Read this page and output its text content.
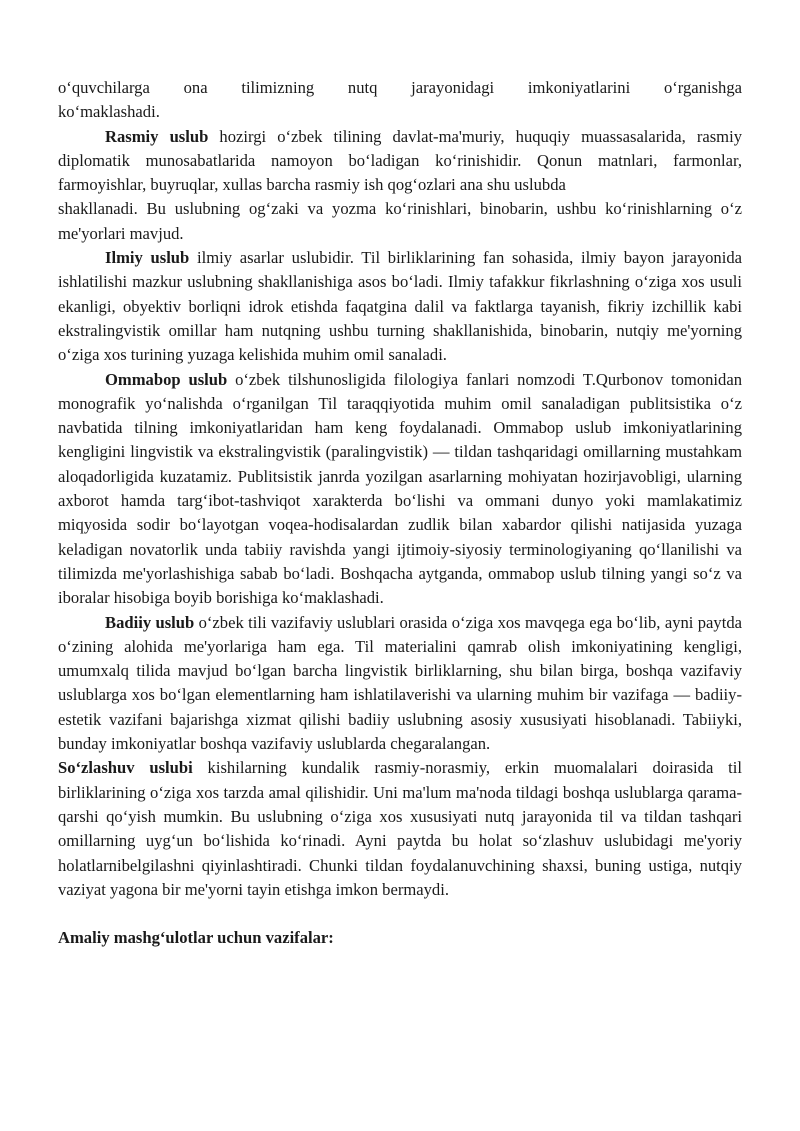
o‘quvchilarga ona tilimizning nutq jarayonidagi imkoniyatlarini o‘rganishga

ko‘maklashadi.

Rasmiy uslub hozirgi o‘zbek tilining davlat-ma'muriy, huquqiy muassasalarida, rasmiy diplomatik munosabatlarida namoyon bo‘ladigan ko‘rinishidir. Qonun matnlari, farmonlar, farmoyishlar, buyruqlar, xullas barcha rasmiy ish qog‘ozlari ana shu uslubda

shakllanadi. Bu uslubning og‘zaki va yozma ko‘rinishlari, binobarin, ushbu ko‘rinishlarning o‘z me'yorlari mavjud.

Ilmiy uslub ilmiy asarlar uslubidir. Til birliklarining fan sohasida, ilmiy bayon jarayonida ishlatilishi mazkur uslubning shakllanishiga asos bo‘ladi. Ilmiy tafakkur fikrlashning o‘ziga xos usuli ekanligi, obyektiv borliqni idrok etishda faqatgina dalil va faktlarga tayanish, fikriy izchillik kabi ekstralingvistik omillar ham nutqning ushbu turning shakllanishida, binobarin, nutqiy me'yorning o‘ziga xos turining yuzaga kelishida muhim omil sanaladi.

Ommabop uslub o‘zbek tilshunosligida filologiya fanlari nomzodi T.Qurbonov tomonidan monografik yo‘nalishda o‘rganilgan Til taraqqiyotida muhim omil sanaladigan publitsistika o‘z navbatida tilning imkoniyatlaridan ham keng foydalanadi. Ommabop uslub imkoniyatlarining kengligini lingvistik va ekstralingvistik (paralingvistik) — tildan tashqaridagi omillarning mustahkam aloqadorligida kuzatamiz. Publitsistik janrda yozilgan asarlarning mohiyatan hozirjavobligi, ularning axborot hamda targ‘ibot-tashviqot xarakterda bo‘lishi va ommani dunyo yoki mamlakatimiz miqyosida sodir bo‘layotgan voqea-hodisalardan zudlik bilan xabardor qilishi natijasida yuzaga keladigan novatorlik unda tabiiy ravishda yangi ijtimoiy-siyosiy terminologiyaning qo‘llanilishi va tilimizda me'yorlashishiga sabab bo‘ladi. Boshqacha aytganda, ommabop uslub tilning yangi so‘z va iboralar hisobiga boyib borishiga ko‘maklashadi.

Badiiy uslub o‘zbek tili vazifaviy uslublari orasida o‘ziga xos mavqega ega bo‘lib, ayni paytda o‘zining alohida me'yorlariga ham ega. Til materialini qamrab olish imkoniyatining kengligi, umumxalq tilida mavjud bo‘lgan barcha lingvistik birliklarning, shu bilan birga, boshqa vazifaviy uslublarga xos bo‘lgan elementlarning ham ishlatilaverishi va ularning muhim bir vazifaga — badiiy-estetik vazifani bajarishga xizmat qilishi badiiy uslubning asosiy xususiyati hisoblanadi. Tabiiyki, bunday imkoniyatlar boshqa vazifaviy uslublarda chegaralangan.

So‘zlashuv uslubi kishilarning kundalik rasmiy-norasmiy, erkin muomalalari doirasida til birliklarining o‘ziga xos tarzda amal qilishidir. Uni ma'lum ma'noda tildagi boshqa uslublarga qarama-qarshi qo‘yish mumkin. Bu uslubning o‘ziga xos xususiyati nutq jarayonida til va tildan tashqari omillarning uyg‘un bo‘lishida ko‘rinadi. Ayni paytda bu holat so‘zlashuv uslubidagi me'yoriy holatlarnibelgilashni qiyinlashtiradi. Chunki tildan foydalanuvchining shaxsi, buning ustiga, nutqiy vaziyat yagona bir me'yorni tayin etishga imkon bermaydi.

Amaliy mashg‘ulotlar uchun vazifalar:
